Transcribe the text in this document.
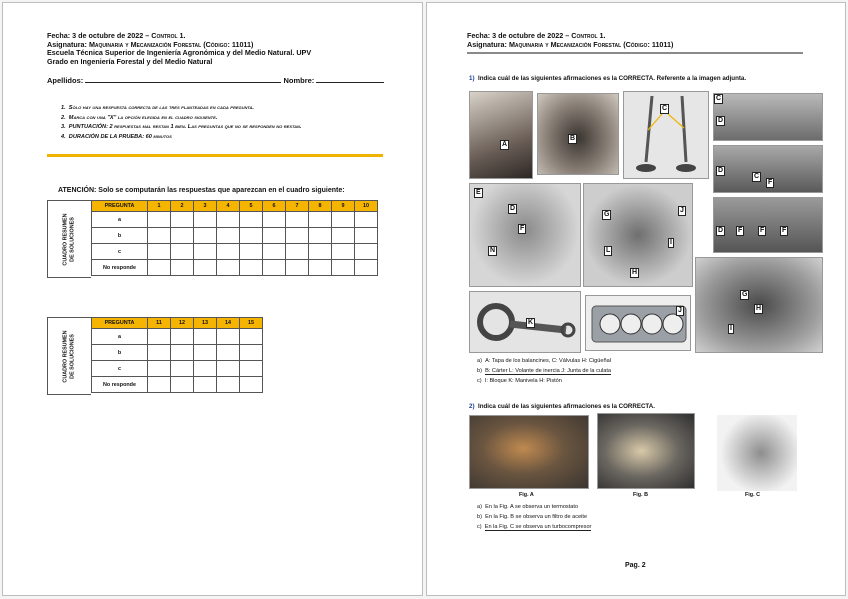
Fecha: 3 de octubre de 2022 – Control 1.
Asignatura: Maquinaria y Mecanización Forestal (Código: 11011)
Escuela Técnica Superior de Ingeniería Agronómica y del Medio Natural. UPV
Grado en Ingeniería Forestal y del Medio Natural
Apellidos:	Nombre:
1. Sólo hay una respuesta correcta de las tres planteadas en cada pregunta.
2. Marca con una "X" la opción elegida en el cuadro siguiente.
3. PUNTUACIÓN: 2 respuestas mal restan 1 bien. Las preguntas que no se responden no restan.
4. DURACIÓN DE LA PRUEBA: 60 minutos
ATENCIÓN: Solo se computarán las respuestas que aparezcan en el cuadro siguiente:
CUADRO RESUMEN
DE SOLUCIONES
PREGUNTA	1	2	3	4	5	6	7	8	9	10
a										
b										
c										
No responde										
CUADRO RESUMEN
DE SOLUCIONES
PREGUNTA	11	12	13	14	15
a					
b					
c					
No responde					
Fecha: 3 de octubre de 2022 – Control 1.
Asignatura: Maquinaria y Mecanización Forestal (Código: 11011)
1) Indica cuál de las siguientes afirmaciones es la CORRECTA. Referente a la imagen adjunta.
A
B
C
C
D
D
C
F
D F	F	F
E
F
D
N
G
J
I
L
H
K
J
G
H
I
a) A: Tapa de los balancines, C: Válvulas H: Cigüeñal
b) B: Cárter L: Volante de inercia J: Junta de la culata
c) I: Bloque K: Manivela H: Pistón
2) Indica cuál de las siguientes afirmaciones es la CORRECTA.
Fig. A	Fig. B	Fig. C
a) En la Fig. A se observa un termostato
b) En la Fig. B se observa un filtro de aceite
c) En la Fig. C se observa un turbocompresor
Pag. 2
